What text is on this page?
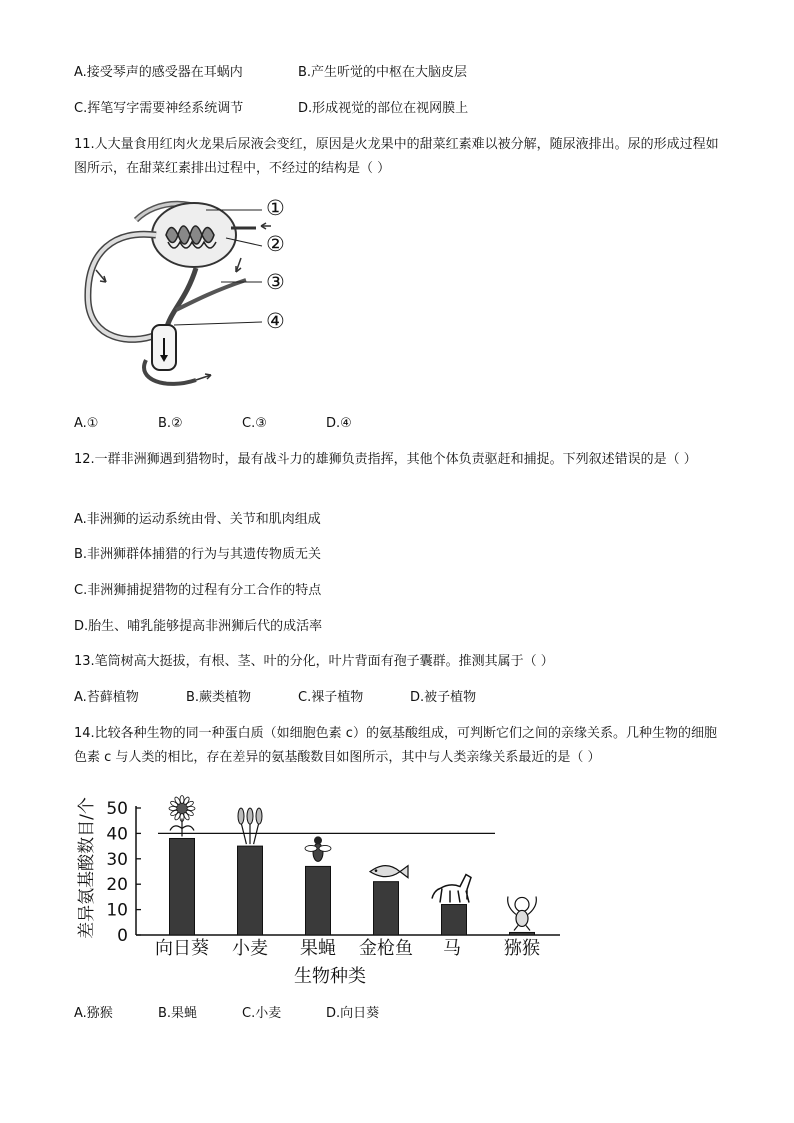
A.接受琴声的感受器在耳蜗内	B.产生听觉的中枢在大脑皮层
C.挥笔写字需要神经系统调节	D.形成视觉的部位在视网膜上
11.人大量食用红肉火龙果后尿液会变红，原因是火龙果中的甜菜红素难以被分解，随尿液排出。尿的形成过程如图所示，在甜菜红素排出过程中，不经过的结构是（ ）
①
②
③
④
A.①	B.②	C.③	D.④
12.一群非洲狮遇到猎物时，最有战斗力的雄狮负责指挥，其他个体负责驱赶和捕捉。下列叙述错误的是（ ）
A.非洲狮的运动系统由骨、关节和肌肉组成
B.非洲狮群体捕猎的行为与其遗传物质无关
C.非洲狮捕捉猎物的过程有分工合作的特点
D.胎生、哺乳能够提高非洲狮后代的成活率
13.笔筒树高大挺拔，有根、茎、叶的分化，叶片背面有孢子囊群。推测其属于（ ）
A.苔藓植物	B.蕨类植物	C.裸子植物	D.被子植物
14.比较各种生物的同一种蛋白质（如细胞色素 c）的氨基酸组成，可判断它们之间的亲缘关系。几种生物的细胞色素 c 与人类的相比，存在差异的氨基酸数目如图所示，其中与人类亲缘关系最近的是（ ）
差异氨基酸数目/个 0
10
20
30
40
50
向日葵 小麦 果蝇 金枪鱼 马 猕猴
生物种类
A.猕猴	B.果蝇	C.小麦	D.向日葵
